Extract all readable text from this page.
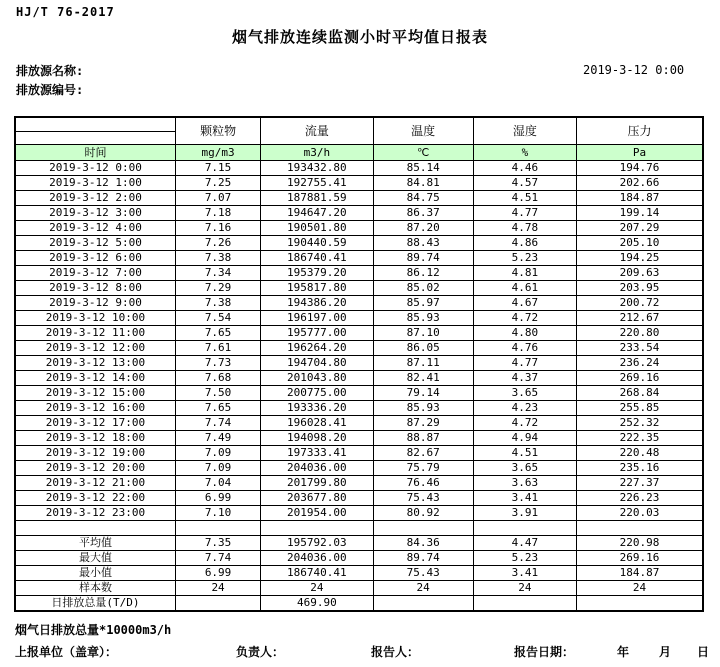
HJ/T 76-2017
烟气排放连续监测小时平均值日报表
排放源名称:	2019-3-12 0:00
排放源编号:
	颗粒物	流量	温度	湿度	压力
时间	mg/m3	m3/h	℃	%	Pa
2019-3-12 0:00	7.15	193432.80	85.14	4.46	194.76
2019-3-12 1:00	7.25	192755.41	84.81	4.57	202.66
2019-3-12 2:00	7.07	187881.59	84.75	4.51	184.87
2019-3-12 3:00	7.18	194647.20	86.37	4.77	199.14
2019-3-12 4:00	7.16	190501.80	87.20	4.78	207.29
2019-3-12 5:00	7.26	190440.59	88.43	4.86	205.10
2019-3-12 6:00	7.38	186740.41	89.74	5.23	194.25
2019-3-12 7:00	7.34	195379.20	86.12	4.81	209.63
2019-3-12 8:00	7.29	195817.80	85.02	4.61	203.95
2019-3-12 9:00	7.38	194386.20	85.97	4.67	200.72
2019-3-12 10:00	7.54	196197.00	85.93	4.72	212.67
2019-3-12 11:00	7.65	195777.00	87.10	4.80	220.80
2019-3-12 12:00	7.61	196264.20	86.05	4.76	233.54
2019-3-12 13:00	7.73	194704.80	87.11	4.77	236.24
2019-3-12 14:00	7.68	201043.80	82.41	4.37	269.16
2019-3-12 15:00	7.50	200775.00	79.14	3.65	268.84
2019-3-12 16:00	7.65	193336.20	85.93	4.23	255.85
2019-3-12 17:00	7.74	196028.41	87.29	4.72	252.32
2019-3-12 18:00	7.49	194098.20	88.87	4.94	222.35
2019-3-12 19:00	7.09	197333.41	82.67	4.51	220.48
2019-3-12 20:00	7.09	204036.00	75.79	3.65	235.16
2019-3-12 21:00	7.04	201799.80	76.46	3.63	227.37
2019-3-12 22:00	6.99	203677.80	75.43	3.41	226.23
2019-3-12 23:00	7.10	201954.00	80.92	3.91	220.03

平均值	7.35	195792.03	84.36	4.47	220.98
最大值	7.74	204036.00	89.74	5.23	269.16
最小值	6.99	186740.41	75.43	3.41	184.87
样本数	24	24	24	24	24
日排放总量(T/D)		469.90			
烟气日排放总量*10000m3/h
上报单位（盖章）：	负责人：	报告人：	报告日期：	年 月 日
